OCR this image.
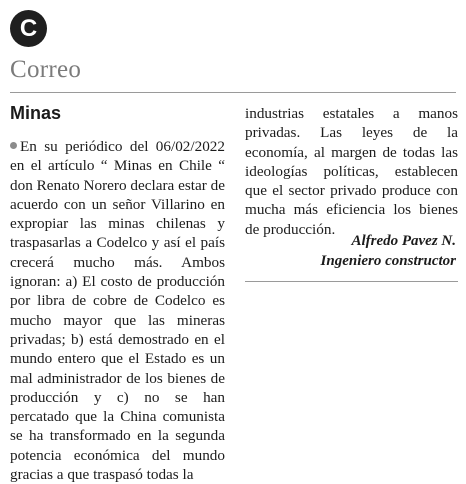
C
Correo
Minas

En su periódico del 06/02/2022 en el artículo “ Minas en Chile “ don Renato Norero declara estar de acuerdo con un señor Villarino en expropiar las minas chilenas y traspasarlas a Codelco y así el país crecerá mucho más. Ambos ignoran: a) El costo de producción por libra de cobre de Codelco es mucho mayor que las mineras privadas; b) está demostrado en el mundo entero que el Estado es un mal administrador de los bienes de producción y c) no se han percatado que la China comunista se ha transformado en la segunda potencia económica del mundo gracias a que traspasó todas la

industrias estatales a manos privadas. Las leyes de la economía, al margen de todas las ideologías políticas, establecen que el sector privado produce con mucha más eficiencia los bienes de producción.

Alfredo Pavez N.
Ingeniero constructor
